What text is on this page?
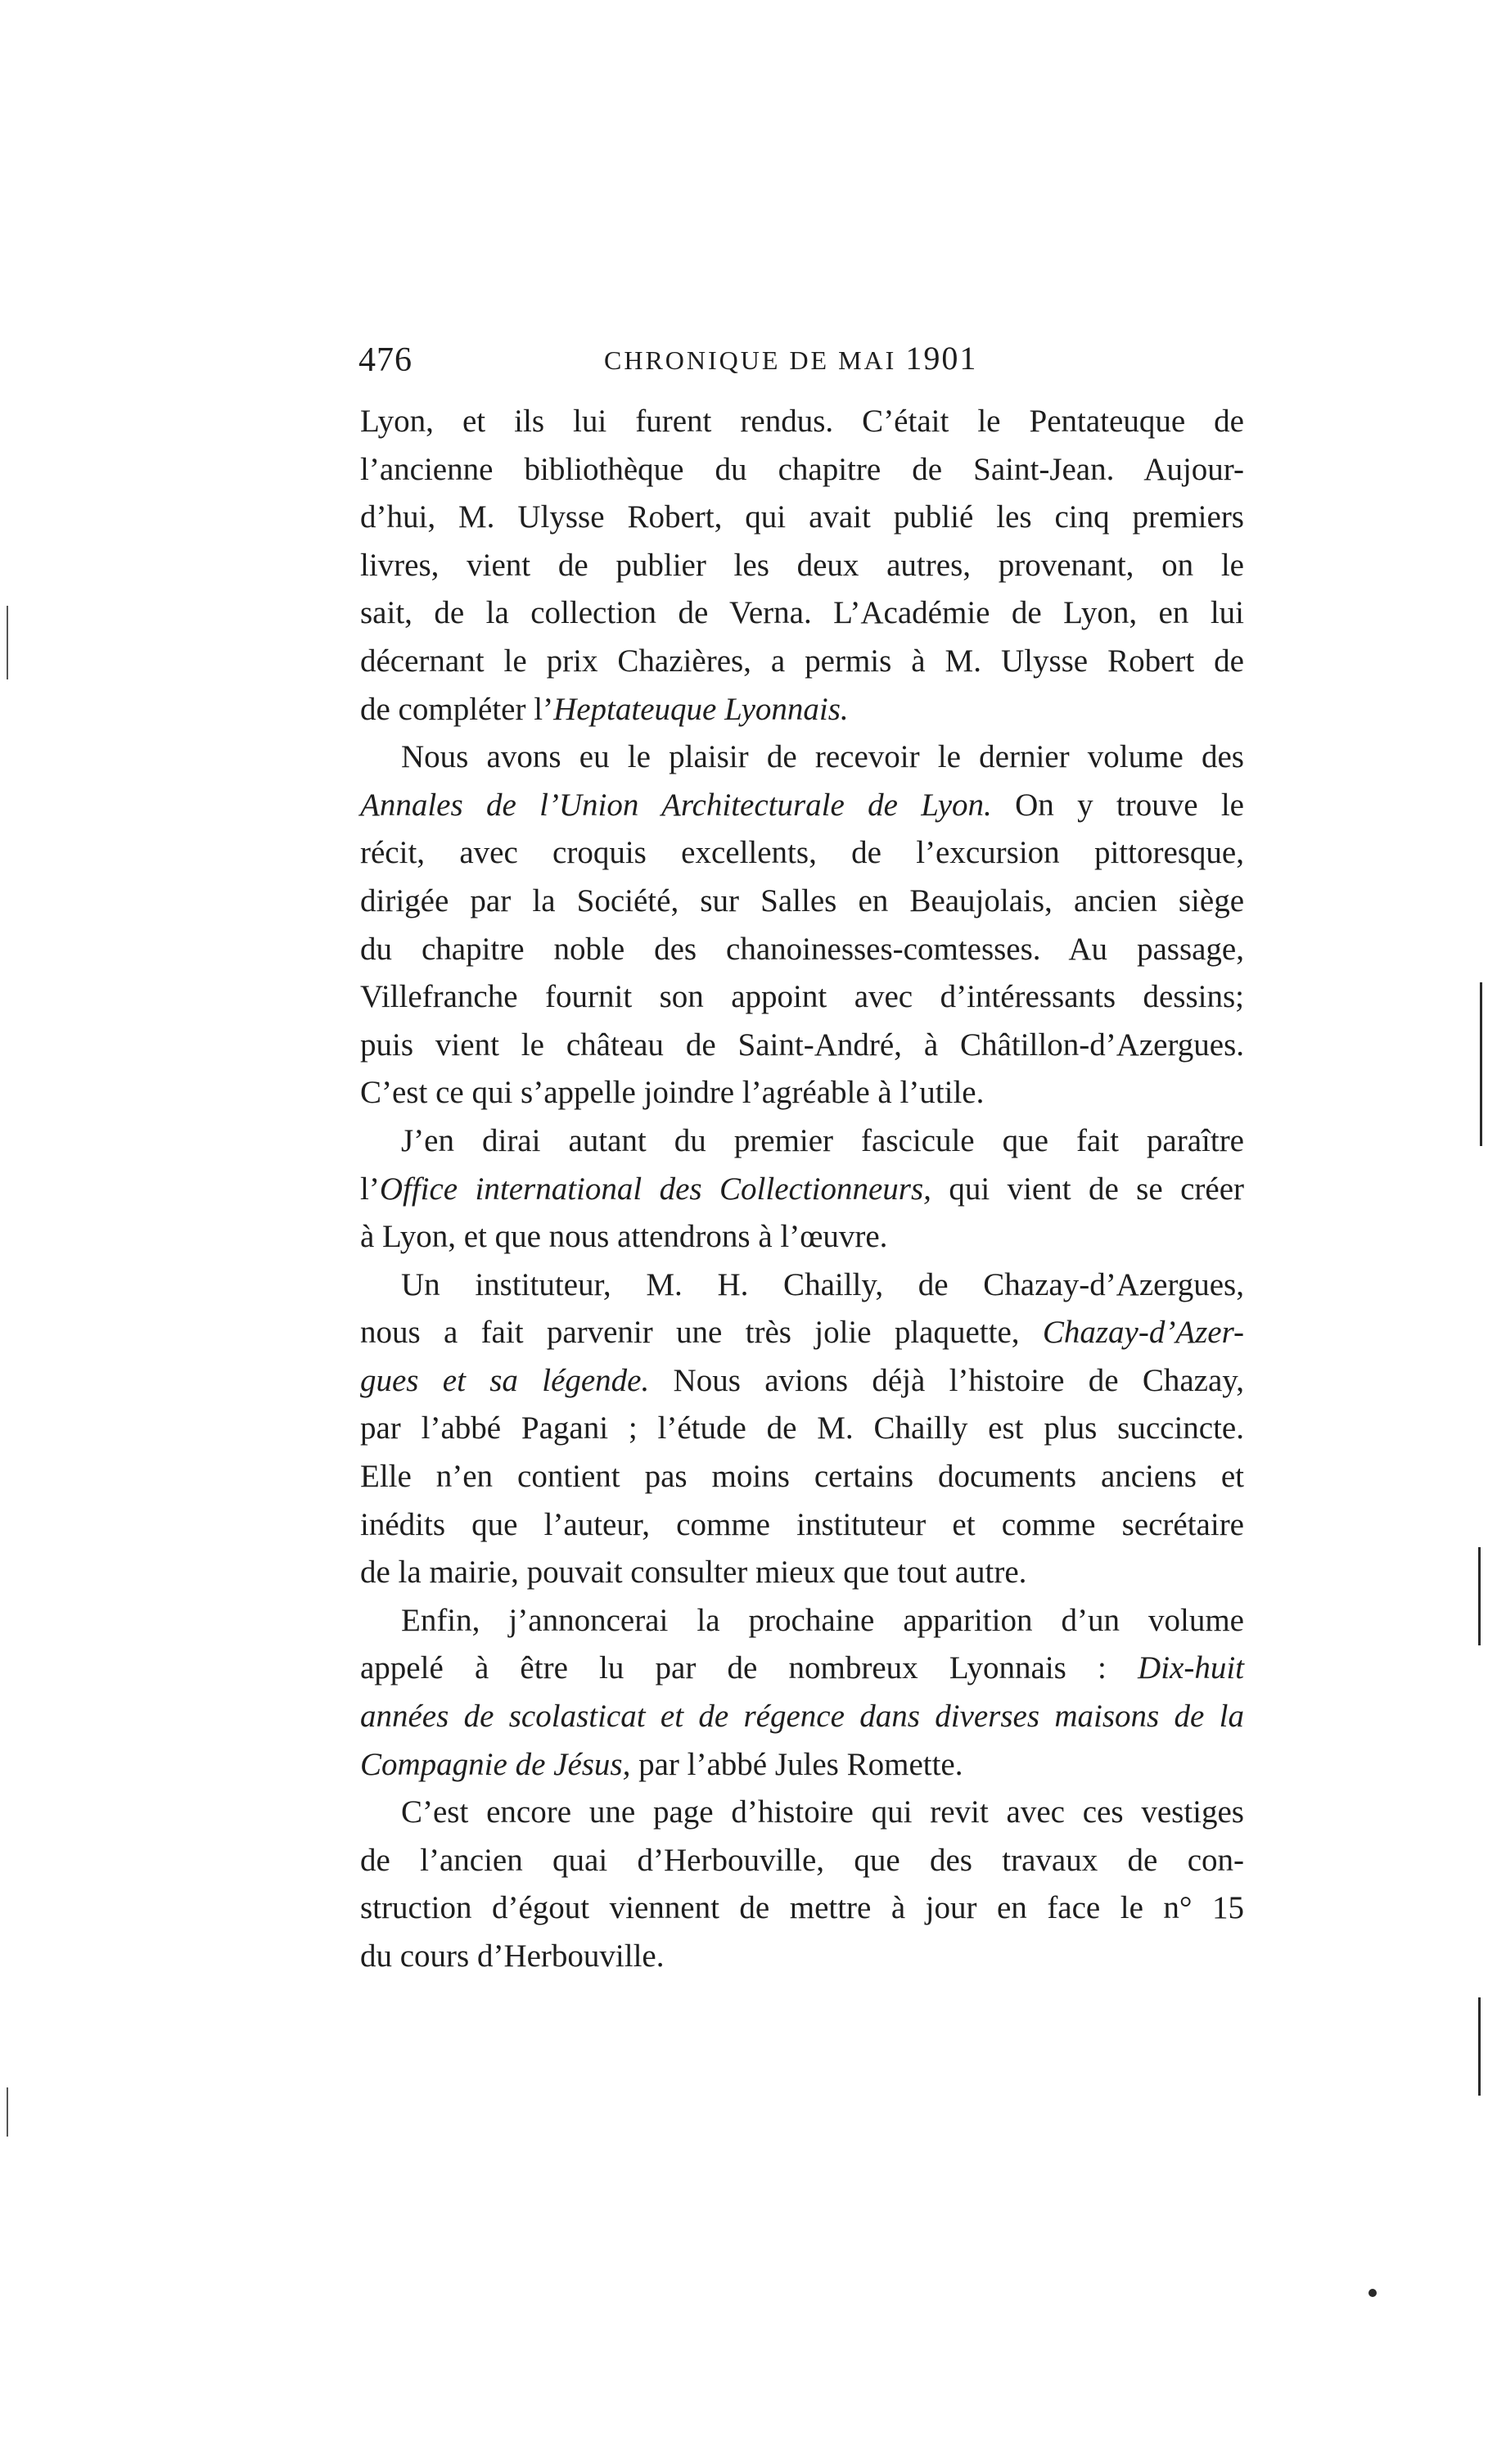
476	CHRONIQUE DE MAI 1901
Lyon, et ils lui furent rendus. C’était le Pentateuque de
l’ancienne bibliothèque du chapitre de Saint-Jean. Aujour-
d’hui, M. Ulysse Robert, qui avait publié les cinq premiers
livres, vient de publier les deux autres, provenant, on le
sait, de la collection de Verna. L’Académie de Lyon, en lui
décernant le prix Chazières, a permis à M. Ulysse Robert de
de compléter l’Heptateuque Lyonnais.
Nous avons eu le plaisir de recevoir le dernier volume des
Annales de l’Union Architecturale de Lyon. On y trouve le
récit, avec croquis excellents, de l’excursion pittoresque,
dirigée par la Société, sur Salles en Beaujolais, ancien siège
du chapitre noble des chanoinesses-comtesses. Au passage,
Villefranche fournit son appoint avec d’intéressants dessins;
puis vient le château de Saint-André, à Châtillon-d’Azergues.
C’est ce qui s’appelle joindre l’agréable à l’utile.
J’en dirai autant du premier fascicule que fait paraître
l’Office international des Collectionneurs, qui vient de se créer
à Lyon, et que nous attendrons à l’œuvre.
Un instituteur, M. H. Chailly, de Chazay-d’Azergues,
nous a fait parvenir une très jolie plaquette, Chazay-d’Azer-
gues et sa légende. Nous avions déjà l’histoire de Chazay,
par l’abbé Pagani ; l’étude de M. Chailly est plus succincte.
Elle n’en contient pas moins certains documents anciens et
inédits que l’auteur, comme instituteur et comme secrétaire
de la mairie, pouvait consulter mieux que tout autre.
Enfin, j’annoncerai la prochaine apparition d’un volume
appelé à être lu par de nombreux Lyonnais : Dix-huit
années de scolasticat et de régence dans diverses maisons de la
Compagnie de Jésus, par l’abbé Jules Romette.
C’est encore une page d’histoire qui revit avec ces vestiges
de l’ancien quai d’Herbouville, que des travaux de con-
struction d’égout viennent de mettre à jour en face le n° 15
du cours d’Herbouville.
